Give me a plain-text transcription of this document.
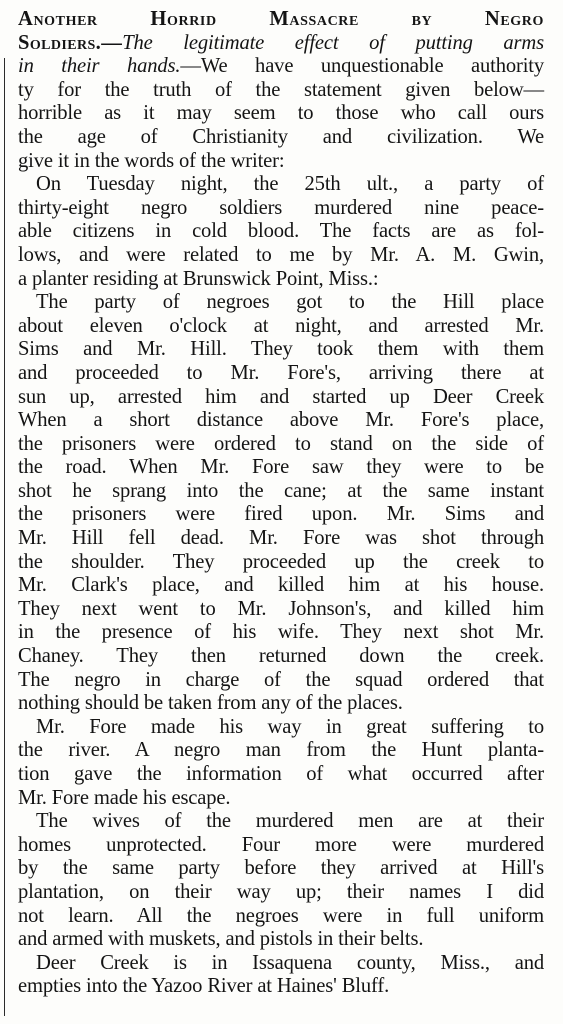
Another Horrid Massacre by Negro
Soldiers.—The legitimate effect of putting arms
in their hands.—We have unquestionable authority
ty for the truth of the statement given below—
horrible as it may seem to those who call ours
the age of Christianity and civilization. We
give it in the words of the writer:
On Tuesday night, the 25th ult., a party of
thirty-eight negro soldiers murdered nine peace-
able citizens in cold blood. The facts are as fol-
lows, and were related to me by Mr. A. M. Gwin,
a planter residing at Brunswick Point, Miss.:
The party of negroes got to the Hill place
about eleven o'clock at night, and arrested Mr.
Sims and Mr. Hill. They took them with them
and proceeded to Mr. Fore's, arriving there at
sun up, arrested him and started up Deer Creek
When a short distance above Mr. Fore's place,
the prisoners were ordered to stand on the side of
the road. When Mr. Fore saw they were to be
shot he sprang into the cane; at the same instant
the prisoners were fired upon. Mr. Sims and
Mr. Hill fell dead. Mr. Fore was shot through
the shoulder. They proceeded up the creek to
Mr. Clark's place, and killed him at his house.
They next went to Mr. Johnson's, and killed him
in the presence of his wife. They next shot Mr.
Chaney. They then returned down the creek.
The negro in charge of the squad ordered that
nothing should be taken from any of the places.
Mr. Fore made his way in great suffering to
the river. A negro man from the Hunt planta-
tion gave the information of what occurred after
Mr. Fore made his escape.
The wives of the murdered men are at their
homes unprotected. Four more were murdered
by the same party before they arrived at Hill's
plantation, on their way up; their names I did
not learn. All the negroes were in full uniform
and armed with muskets, and pistols in their belts.
Deer Creek is in Issaquena county, Miss., and
empties into the Yazoo River at Haines' Bluff.
